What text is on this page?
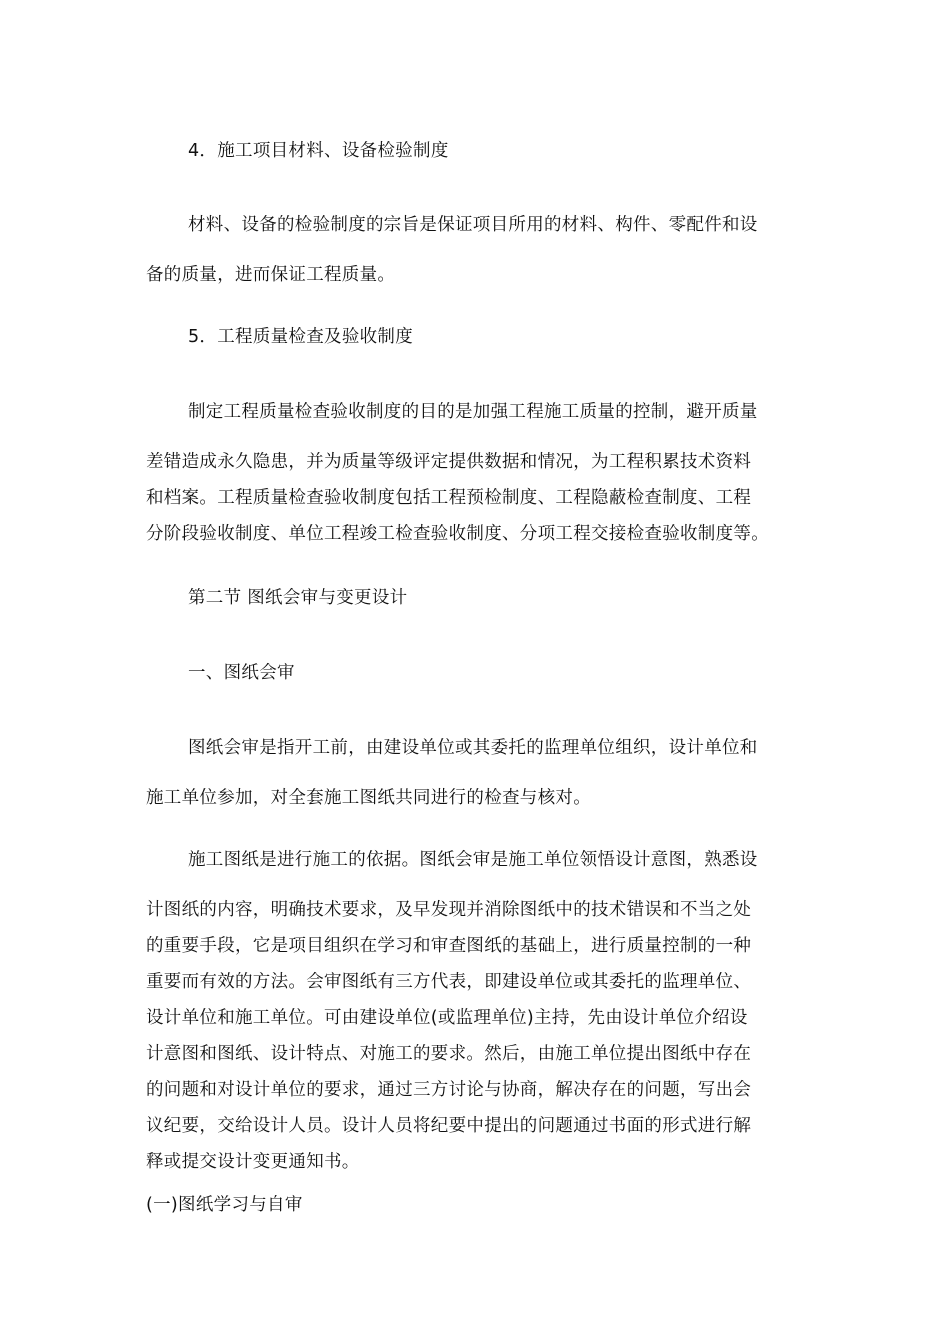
4．施工项目材料、设备检验制度
材料、设备的检验制度的宗旨是保证项目所用的材料、构件、零配件和设
备的质量，进而保证工程质量。
5．工程质量检查及验收制度
制定工程质量检查验收制度的目的是加强工程施工质量的控制，避开质量
差错造成永久隐患，并为质量等级评定提供数据和情况，为工程积累技术资料
和档案。工程质量检查验收制度包括工程预检制度、工程隐蔽检查制度、工程
分阶段验收制度、单位工程竣工检查验收制度、分项工程交接检查验收制度等。
第二节 图纸会审与变更设计
一、图纸会审
图纸会审是指开工前，由建设单位或其委托的监理单位组织，设计单位和
施工单位参加，对全套施工图纸共同进行的检查与核对。
施工图纸是进行施工的依据。图纸会审是施工单位领悟设计意图，熟悉设
计图纸的内容，明确技术要求，及早发现并消除图纸中的技术错误和不当之处
的重要手段，它是项目组织在学习和审查图纸的基础上，进行质量控制的一种
重要而有效的方法。会审图纸有三方代表，即建设单位或其委托的监理单位、
设计单位和施工单位。可由建设单位(或监理单位)主持，先由设计单位介绍设
计意图和图纸、设计特点、对施工的要求。然后，由施工单位提出图纸中存在
的问题和对设计单位的要求，通过三方讨论与协商，解决存在的问题，写出会
议纪要，交给设计人员。设计人员将纪要中提出的问题通过书面的形式进行解
释或提交设计变更通知书。
(一)图纸学习与自审
